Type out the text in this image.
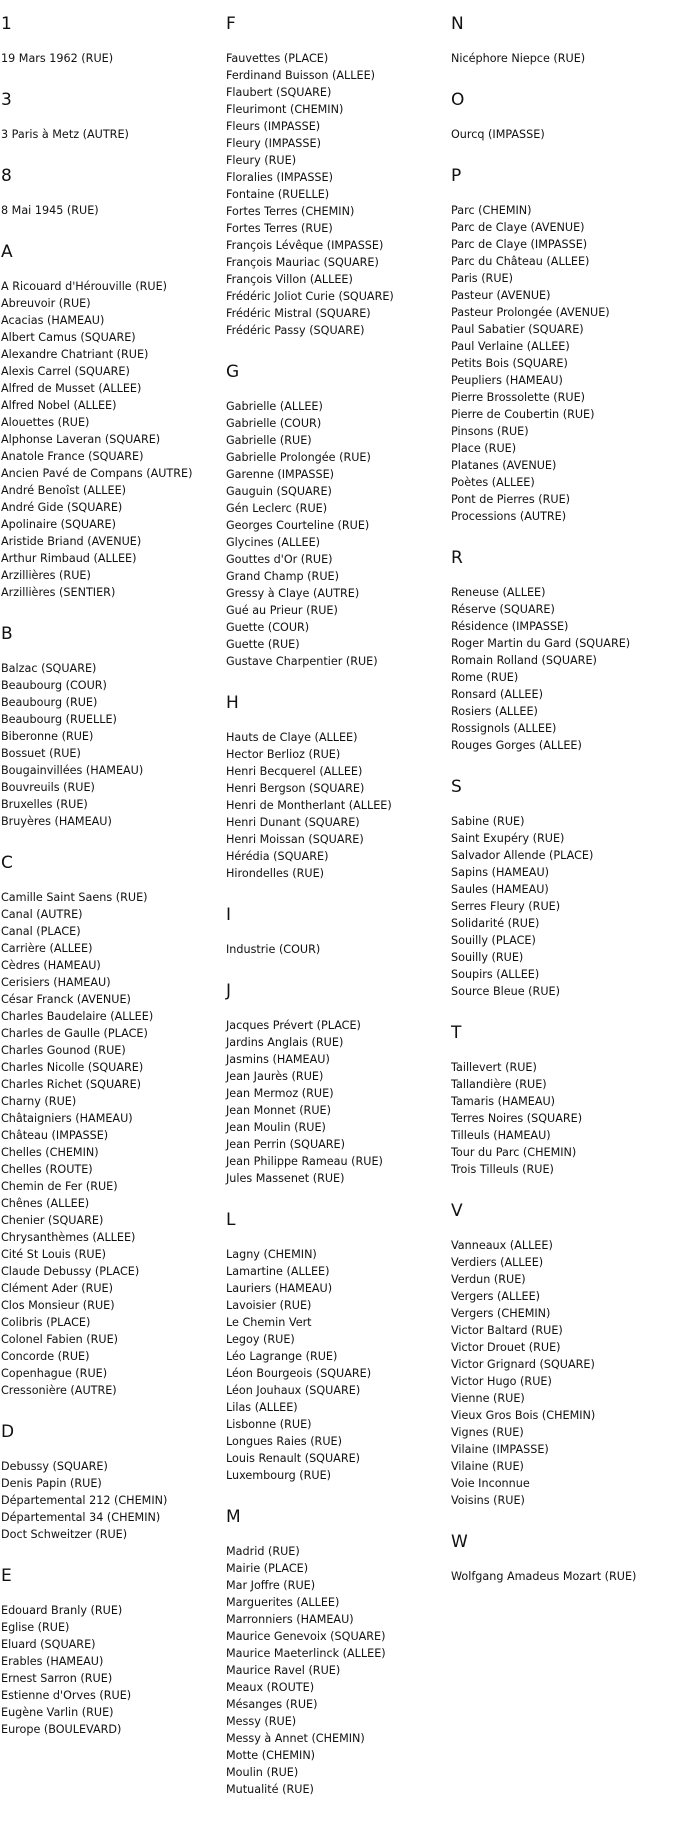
1
19 Mars 1962 (RUE)
3
3 Paris à Metz (AUTRE)
8
8 Mai 1945 (RUE)
A
A Ricouard d'Hérouville (RUE)
Abreuvoir (RUE)
Acacias (HAMEAU)
Albert Camus (SQUARE)
Alexandre Chatriant (RUE)
Alexis Carrel (SQUARE)
Alfred de Musset (ALLEE)
Alfred Nobel (ALLEE)
Alouettes (RUE)
Alphonse Laveran (SQUARE)
Anatole France (SQUARE)
Ancien Pavé de Compans (AUTRE)
André Benoîst (ALLEE)
André Gide (SQUARE)
Apolinaire (SQUARE)
Aristide Briand (AVENUE)
Arthur Rimbaud (ALLEE)
Arzillières (RUE)
Arzillières (SENTIER)
B
Balzac (SQUARE)
Beaubourg (COUR)
Beaubourg (RUE)
Beaubourg (RUELLE)
Biberonne (RUE)
Bossuet (RUE)
Bougainvillées (HAMEAU)
Bouvreuils (RUE)
Bruxelles (RUE)
Bruyères (HAMEAU)
C
Camille Saint Saens (RUE)
Canal (AUTRE)
Canal (PLACE)
Carrière (ALLEE)
Cèdres (HAMEAU)
Cerisiers (HAMEAU)
César Franck (AVENUE)
Charles Baudelaire (ALLEE)
Charles de Gaulle (PLACE)
Charles Gounod (RUE)
Charles Nicolle (SQUARE)
Charles Richet (SQUARE)
Charny (RUE)
Châtaigniers (HAMEAU)
Château (IMPASSE)
Chelles (CHEMIN)
Chelles (ROUTE)
Chemin de Fer (RUE)
Chênes (ALLEE)
Chenier (SQUARE)
Chrysanthèmes (ALLEE)
Cité St Louis (RUE)
Claude Debussy (PLACE)
Clément Ader (RUE)
Clos Monsieur (RUE)
Colibris (PLACE)
Colonel Fabien (RUE)
Concorde (RUE)
Copenhague (RUE)
Cressonière (AUTRE)
D
Debussy (SQUARE)
Denis Papin (RUE)
Départemental 212 (CHEMIN)
Départemental 34 (CHEMIN)
Doct Schweitzer (RUE)
E
Edouard Branly (RUE)
Eglise (RUE)
Eluard (SQUARE)
Erables (HAMEAU)
Ernest Sarron (RUE)
Estienne d'Orves (RUE)
Eugène Varlin (RUE)
Europe (BOULEVARD)
F
Fauvettes (PLACE)
Ferdinand Buisson (ALLEE)
Flaubert (SQUARE)
Fleurimont (CHEMIN)
Fleurs (IMPASSE)
Fleury (IMPASSE)
Fleury (RUE)
Floralies (IMPASSE)
Fontaine (RUELLE)
Fortes Terres (CHEMIN)
Fortes Terres (RUE)
François Lévêque (IMPASSE)
François Mauriac (SQUARE)
François Villon (ALLEE)
Frédéric Joliot Curie (SQUARE)
Frédéric Mistral (SQUARE)
Frédéric Passy (SQUARE)
G
Gabrielle (ALLEE)
Gabrielle (COUR)
Gabrielle (RUE)
Gabrielle Prolongée (RUE)
Garenne (IMPASSE)
Gauguin (SQUARE)
Gén Leclerc (RUE)
Georges Courteline (RUE)
Glycines (ALLEE)
Gouttes d'Or (RUE)
Grand Champ (RUE)
Gressy à Claye (AUTRE)
Gué au Prieur (RUE)
Guette (COUR)
Guette (RUE)
Gustave Charpentier (RUE)
H
Hauts de Claye (ALLEE)
Hector Berlioz (RUE)
Henri Becquerel (ALLEE)
Henri Bergson (SQUARE)
Henri de Montherlant (ALLEE)
Henri Dunant (SQUARE)
Henri Moissan (SQUARE)
Hérédia (SQUARE)
Hirondelles (RUE)
I
Industrie (COUR)
J
Jacques Prévert (PLACE)
Jardins Anglais (RUE)
Jasmins (HAMEAU)
Jean Jaurès (RUE)
Jean Mermoz (RUE)
Jean Monnet (RUE)
Jean Moulin (RUE)
Jean Perrin (SQUARE)
Jean Philippe Rameau (RUE)
Jules Massenet (RUE)
L
Lagny (CHEMIN)
Lamartine (ALLEE)
Lauriers (HAMEAU)
Lavoisier (RUE)
Le Chemin Vert
Legoy (RUE)
Léo Lagrange (RUE)
Léon Bourgeois (SQUARE)
Léon Jouhaux (SQUARE)
Lilas (ALLEE)
Lisbonne (RUE)
Longues Raies (RUE)
Louis Renault (SQUARE)
Luxembourg (RUE)
M
Madrid (RUE)
Mairie (PLACE)
Mar Joffre (RUE)
Marguerites (ALLEE)
Marronniers (HAMEAU)
Maurice Genevoix (SQUARE)
Maurice Maeterlinck (ALLEE)
Maurice Ravel (RUE)
Meaux (ROUTE)
Mésanges (RUE)
Messy (RUE)
Messy à Annet (CHEMIN)
Motte (CHEMIN)
Moulin (RUE)
Mutualité (RUE)
N
Nicéphore Niepce (RUE)
O
Ourcq (IMPASSE)
P
Parc (CHEMIN)
Parc de Claye (AVENUE)
Parc de Claye (IMPASSE)
Parc du Château (ALLEE)
Paris (RUE)
Pasteur (AVENUE)
Pasteur Prolongée (AVENUE)
Paul Sabatier (SQUARE)
Paul Verlaine (ALLEE)
Petits Bois (SQUARE)
Peupliers (HAMEAU)
Pierre Brossolette (RUE)
Pierre de Coubertin (RUE)
Pinsons (RUE)
Place (RUE)
Platanes (AVENUE)
Poètes (ALLEE)
Pont de Pierres (RUE)
Processions (AUTRE)
R
Reneuse (ALLEE)
Réserve (SQUARE)
Résidence (IMPASSE)
Roger Martin du Gard (SQUARE)
Romain Rolland (SQUARE)
Rome (RUE)
Ronsard (ALLEE)
Rosiers (ALLEE)
Rossignols (ALLEE)
Rouges Gorges (ALLEE)
S
Sabine (RUE)
Saint Exupéry (RUE)
Salvador Allende (PLACE)
Sapins (HAMEAU)
Saules (HAMEAU)
Serres Fleury (RUE)
Solidarité (RUE)
Souilly (PLACE)
Souilly (RUE)
Soupirs (ALLEE)
Source Bleue (RUE)
T
Taillevert (RUE)
Tallandière (RUE)
Tamaris (HAMEAU)
Terres Noires (SQUARE)
Tilleuls (HAMEAU)
Tour du Parc (CHEMIN)
Trois Tilleuls (RUE)
V
Vanneaux (ALLEE)
Verdiers (ALLEE)
Verdun (RUE)
Vergers (ALLEE)
Vergers (CHEMIN)
Victor Baltard (RUE)
Victor Drouet (RUE)
Victor Grignard (SQUARE)
Victor Hugo (RUE)
Vienne (RUE)
Vieux Gros Bois (CHEMIN)
Vignes (RUE)
Vilaine (IMPASSE)
Vilaine (RUE)
Voie Inconnue
Voisins (RUE)
W
Wolfgang Amadeus Mozart (RUE)
